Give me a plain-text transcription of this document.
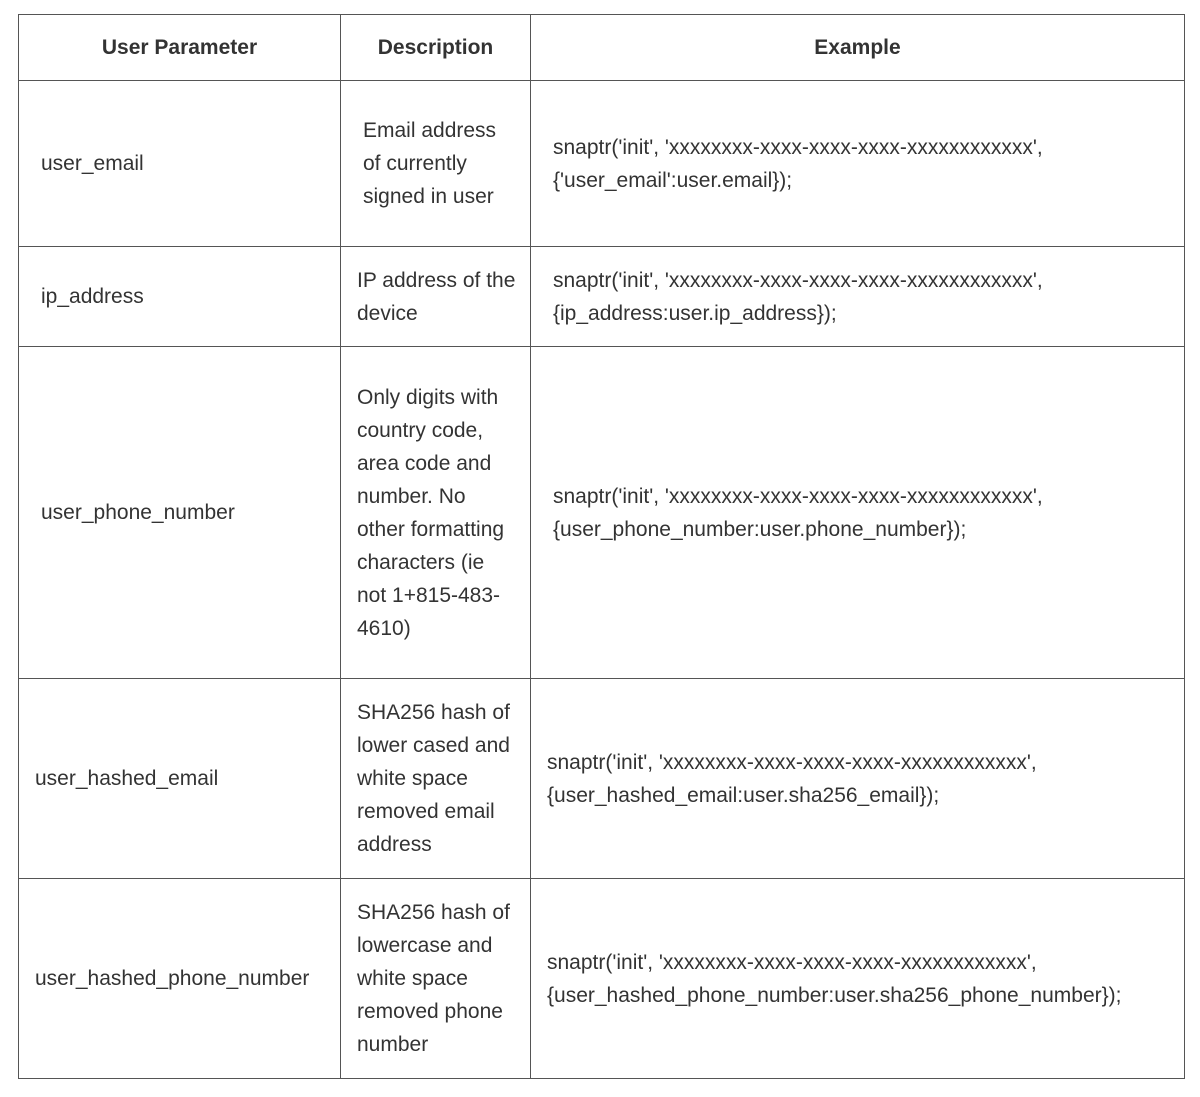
User Parameter	Description	Example
user_email	Email address of currently signed in user	snaptr('init', 'xxxxxxxx-xxxx-xxxx-xxxx-xxxxxxxxxxxx',
{'user_email':user.email});

ip_address	IP address of the device	snaptr('init', 'xxxxxxxx-xxxx-xxxx-xxxx-xxxxxxxxxxxx',
{ip_address:user.ip_address});

user_phone_number	Only digits with country code, area code and number. No other formatting characters (ie not 1+815-483-4610)	snaptr('init', 'xxxxxxxx-xxxx-xxxx-xxxx-xxxxxxxxxxxx',
{user_phone_number:user.phone_number});

user_hashed_email	SHA256 hash of lower cased and white space removed email address	snaptr('init', 'xxxxxxxx-xxxx-xxxx-xxxx-xxxxxxxxxxxx',
{user_hashed_email:user.sha256_email});

user_hashed_phone_number	SHA256 hash of lowercase and white space removed phone number	snaptr('init', 'xxxxxxxx-xxxx-xxxx-xxxx-xxxxxxxxxxxx',
{user_hashed_phone_number:user.sha256_phone_number});
